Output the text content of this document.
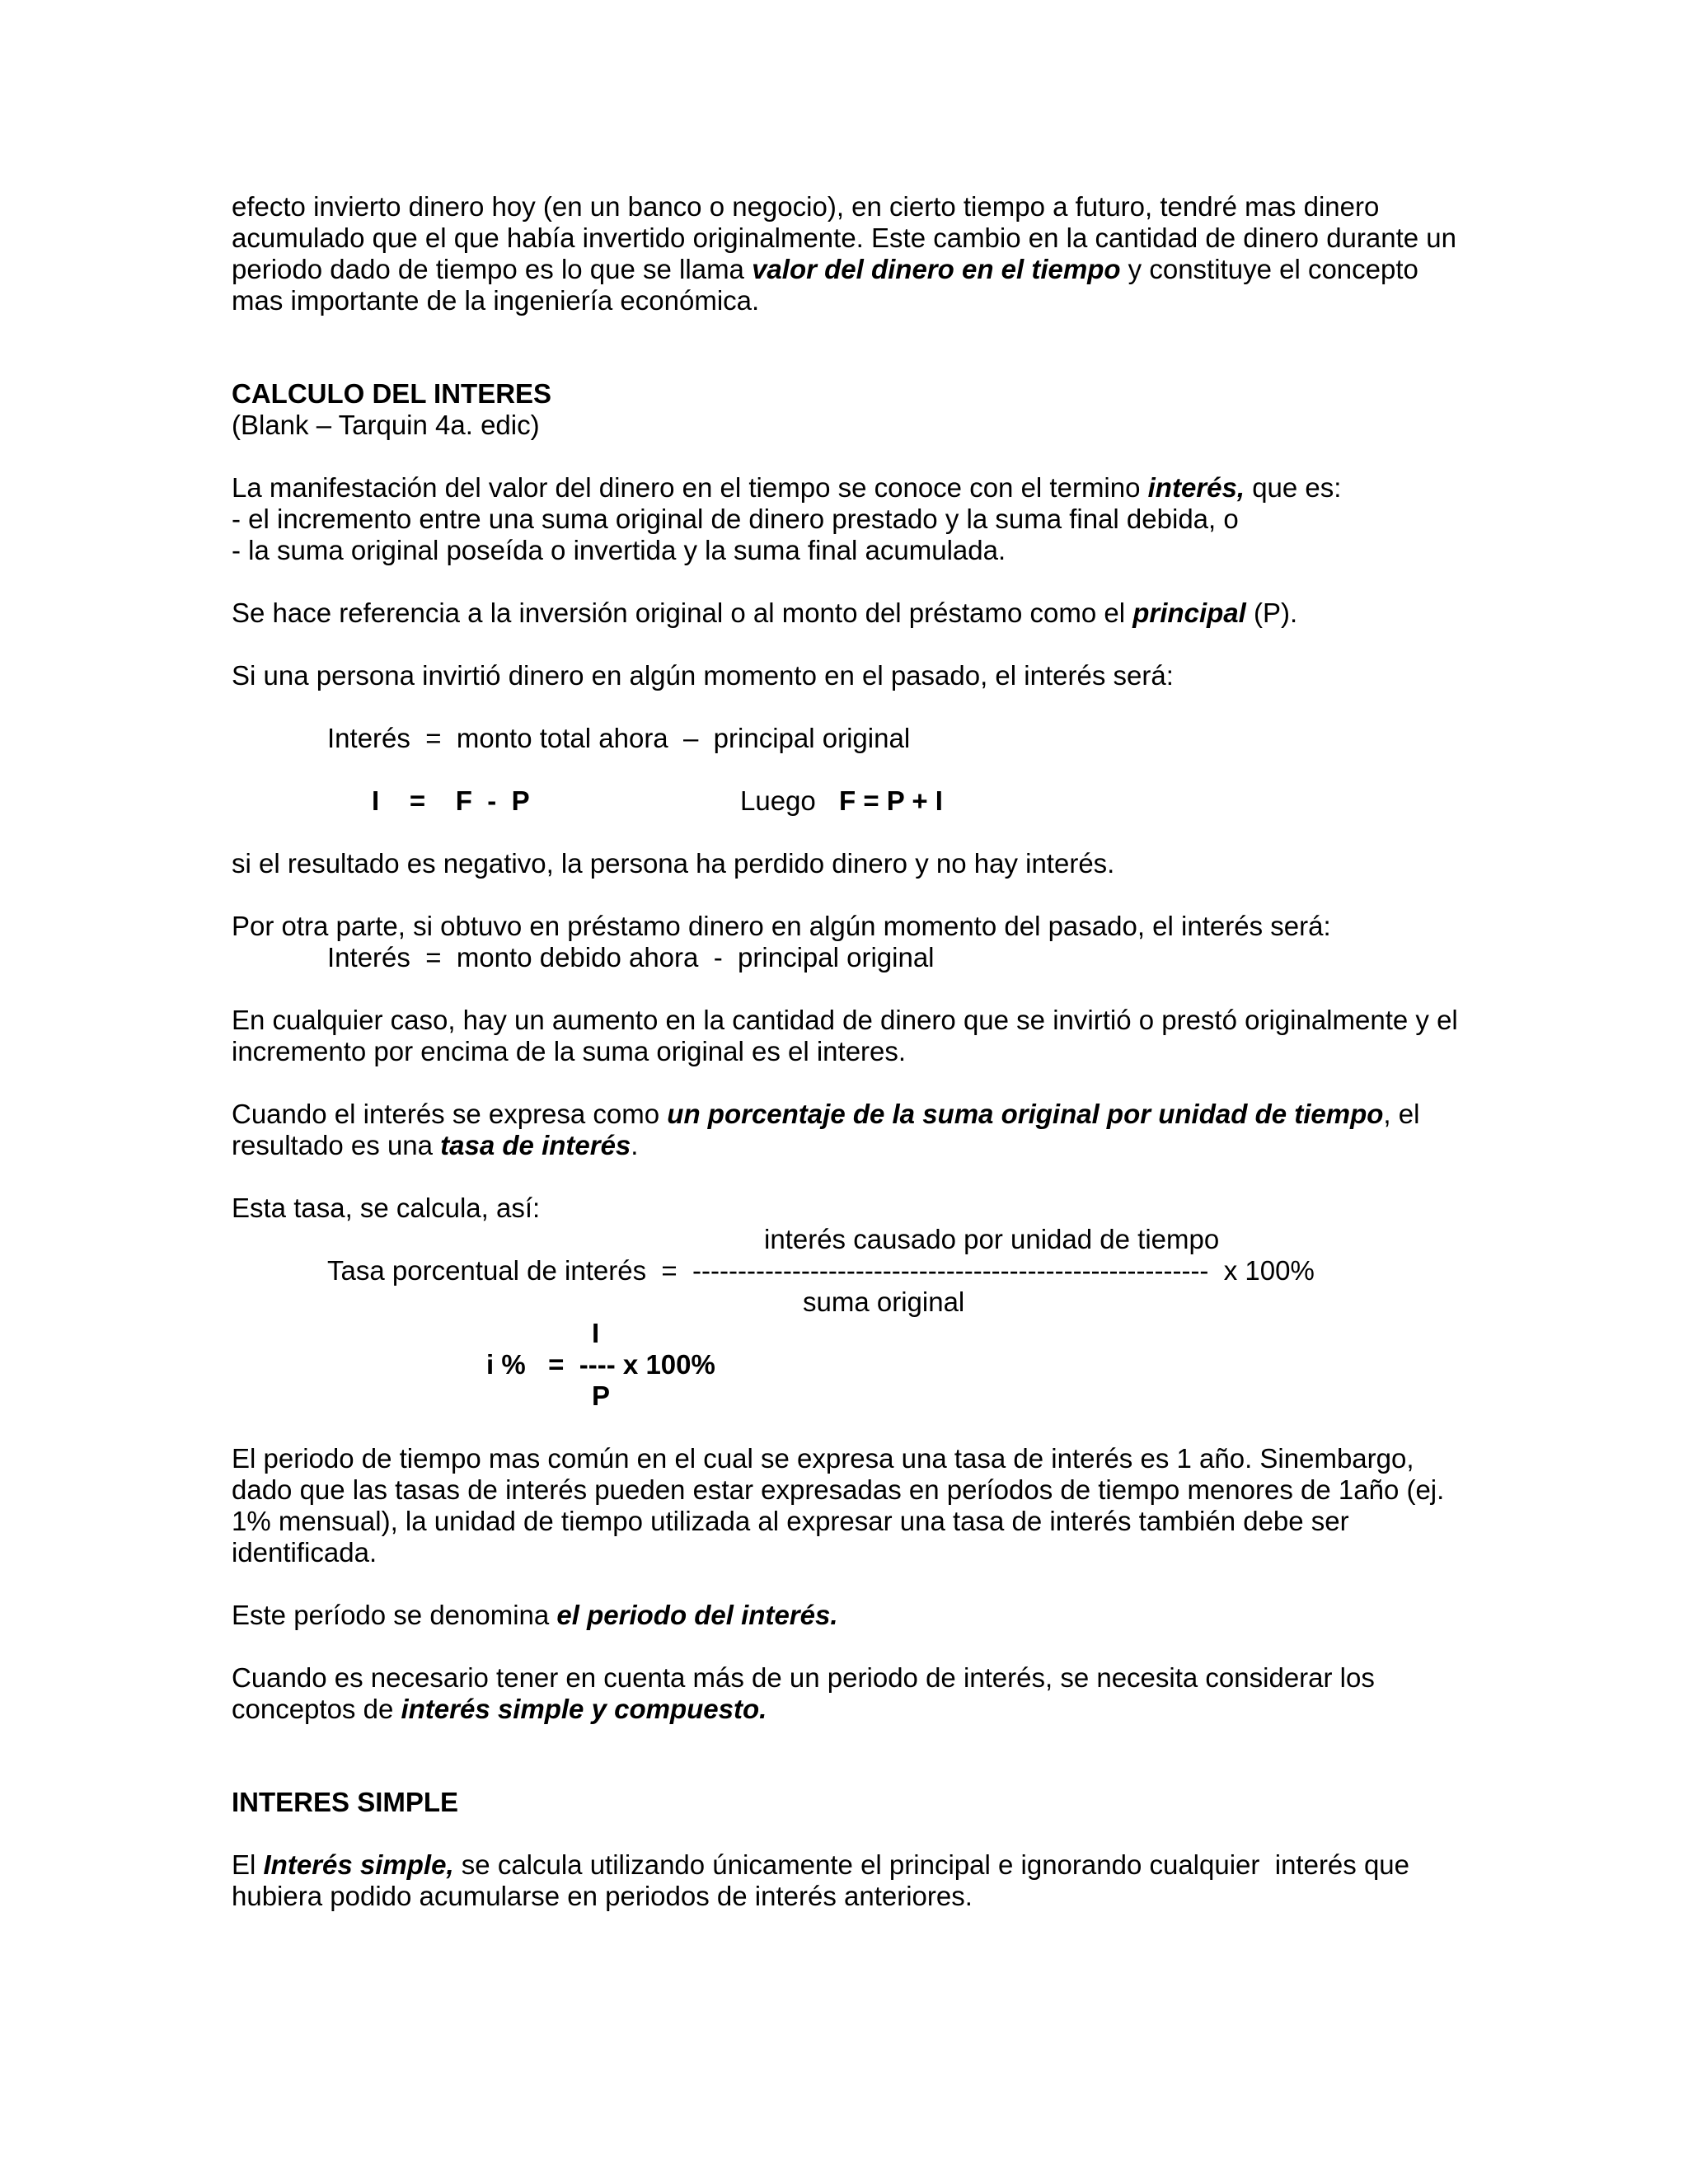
efecto invierto dinero hoy (en un banco o negocio), en cierto tiempo a futuro, tendré mas dinero
acumulado que el que había invertido originalmente. Este cambio en la cantidad de dinero durante un
periodo dado de tiempo es lo que se llama valor del dinero en el tiempo y constituye el concepto
mas importante de la ingeniería económica.
CALCULO DEL INTERES
(Blank – Tarquin 4a. edic)
La manifestación del valor del dinero en el tiempo se conoce con el termino interés, que es:
- el incremento entre una suma original de dinero prestado y la suma final debida, o
- la suma original poseída o invertida y la suma final acumulada.
Se hace referencia a la inversión original o al monto del préstamo como el principal (P).
Si una persona invirtió dinero en algún momento en el pasado, el interés será:
Interés  =  monto total ahora  –  principal original
I    =    F  -  P	Luego F = P + I
si el resultado es negativo, la persona ha perdido dinero y no hay interés.
Por otra parte, si obtuvo en préstamo dinero en algún momento del pasado, el interés será:
Interés  =  monto debido ahora  -  principal original
En cualquier caso, hay un aumento en la cantidad de dinero que se invirtió o prestó originalmente y el
incremento por encima de la suma original es el interes.
Cuando el interés se expresa como un porcentaje de la suma original por unidad de tiempo, el
resultado es una tasa de interés.
Esta tasa, se calcula, así:
interés causado por unidad de tiempo
Tasa porcentual de interés  =  ---------------------------------------------------------  x 100%
suma original
I
i %   =  ---- x 100%
P
El periodo de tiempo mas común en el cual se expresa una tasa de interés es 1 año. Sinembargo,
dado que las tasas de interés pueden estar expresadas en períodos de tiempo menores de 1año (ej.
1% mensual), la unidad de tiempo utilizada al expresar una tasa de interés también debe ser
identificada.
Este período se denomina el periodo del interés.
Cuando es necesario tener en cuenta más de un periodo de interés, se necesita considerar los
conceptos de interés simple y compuesto.
INTERES SIMPLE
El Interés simple, se calcula utilizando únicamente el principal e ignorando cualquier  interés que
hubiera podido acumularse en periodos de interés anteriores.
